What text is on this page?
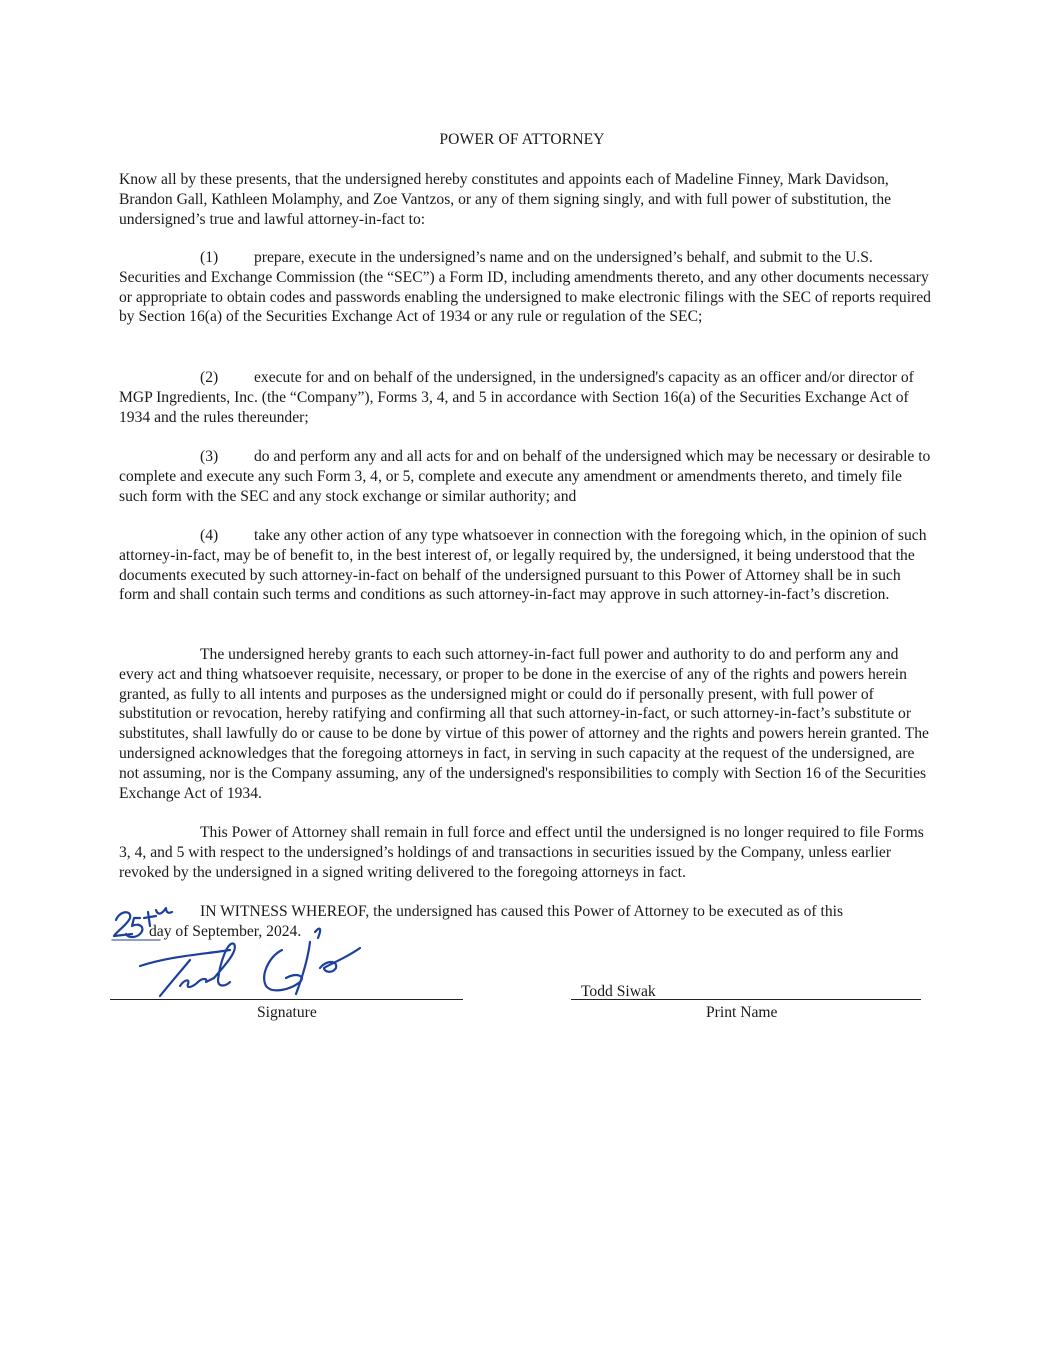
POWER OF ATTORNEY
Know all by these presents, that the undersigned hereby constitutes and appoints each of Madeline Finney, Mark Davidson, Brandon Gall, Kathleen Molamphy, and Zoe Vantzos, or any of them signing singly, and with full power of substitution, the undersigned’s true and lawful attorney-in-fact to:
(1) prepare, execute in the undersigned’s name and on the undersigned’s behalf, and submit to the U.S. Securities and Exchange Commission (the “SEC”) a Form ID, including amendments thereto, and any other documents necessary or appropriate to obtain codes and passwords enabling the undersigned to make electronic filings with the SEC of reports required by Section 16(a) of the Securities Exchange Act of 1934 or any rule or regulation of the SEC;
(2) execute for and on behalf of the undersigned, in the undersigned's capacity as an officer and/or director of MGP Ingredients, Inc. (the “Company”), Forms 3, 4, and 5 in accordance with Section 16(a) of the Securities Exchange Act of 1934 and the rules thereunder;
(3) do and perform any and all acts for and on behalf of the undersigned which may be necessary or desirable to complete and execute any such Form 3, 4, or 5, complete and execute any amendment or amendments thereto, and timely file such form with the SEC and any stock exchange or similar authority; and
(4) take any other action of any type whatsoever in connection with the foregoing which, in the opinion of such attorney-in-fact, may be of benefit to, in the best interest of, or legally required by, the undersigned, it being understood that the documents executed by such attorney-in-fact on behalf of the undersigned pursuant to this Power of Attorney shall be in such form and shall contain such terms and conditions as such attorney-in-fact may approve in such attorney-in-fact’s discretion.
The undersigned hereby grants to each such attorney-in-fact full power and authority to do and perform any and every act and thing whatsoever requisite, necessary, or proper to be done in the exercise of any of the rights and powers herein granted, as fully to all intents and purposes as the undersigned might or could do if personally present, with full power of substitution or revocation, hereby ratifying and confirming all that such attorney-in-fact, or such attorney-in-fact’s substitute or substitutes, shall lawfully do or cause to be done by virtue of this power of attorney and the rights and powers herein granted. The undersigned acknowledges that the foregoing attorneys in fact, in serving in such capacity at the request of the undersigned, are not assuming, nor is the Company assuming, any of the undersigned's responsibilities to comply with Section 16 of the Securities Exchange Act of 1934.
This Power of Attorney shall remain in full force and effect until the undersigned is no longer required to file Forms 3, 4, and 5 with respect to the undersigned’s holdings of and transactions in securities issued by the Company, unless earlier revoked by the undersigned in a signed writing delivered to the foregoing attorneys in fact.
IN WITNESS WHEREOF, the undersigned has caused this Power of Attorney to be executed as of this
day of September, 2024.
Signature
Todd Siwak
Print Name
